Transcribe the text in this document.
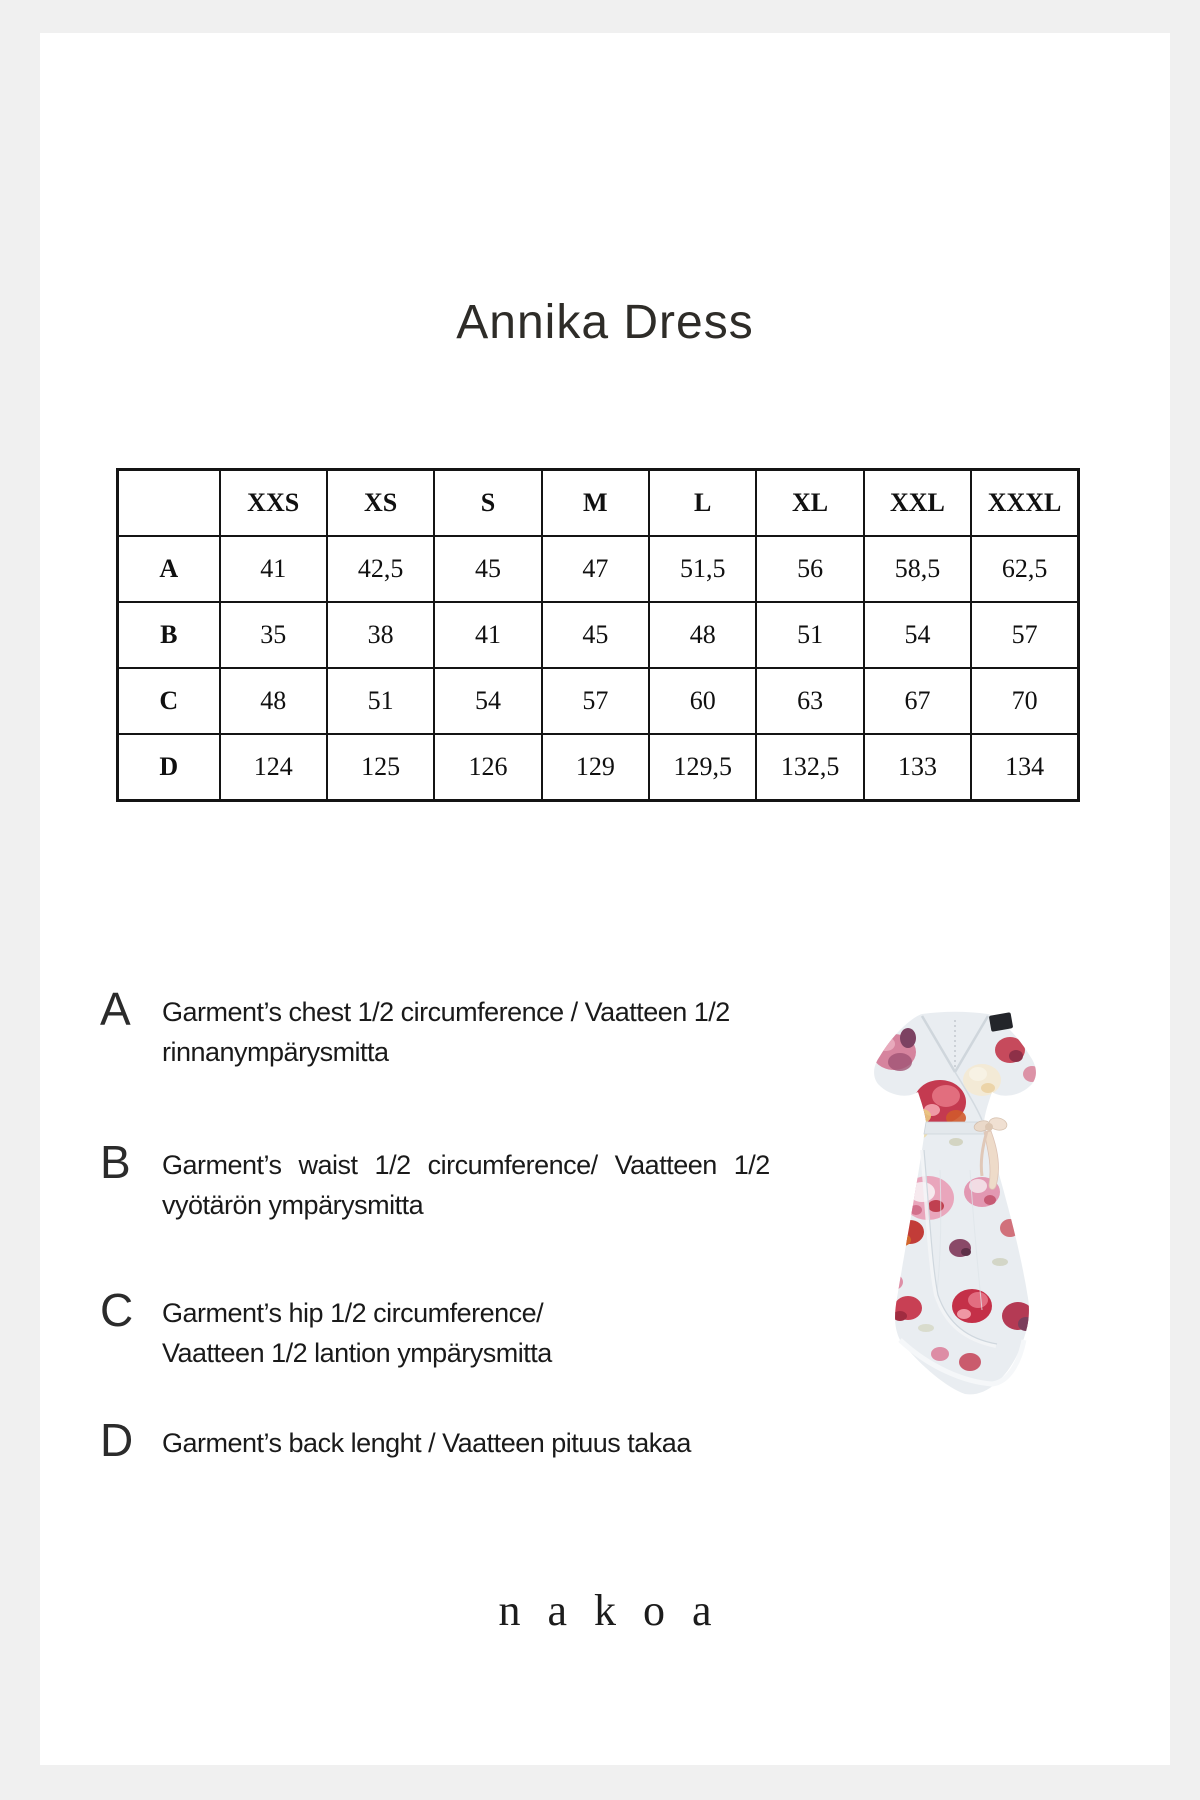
Annika Dress
	XXS	XS	S	M	L	XL	XXL	XXXL
A	41	42,5	45	47	51,5	56	58,5	62,5
B	35	38	41	45	48	51	54	57
C	48	51	54	57	60	63	67	70
D	124	125	126	129	129,5	132,5	133	134
A	Garment’s chest 1/2 circumference / Vaatteen 1/2
rinnanympärysmitta
B	Garment’s waist 1/2 circumference/ Vaatteen 1/2
vyötärön ympärysmitta
C	Garment’s hip 1/2 circumference/
Vaatteen 1/2 lantion ympärysmitta
D	Garment’s back lenght / Vaatteen pituus takaa
nakoa
